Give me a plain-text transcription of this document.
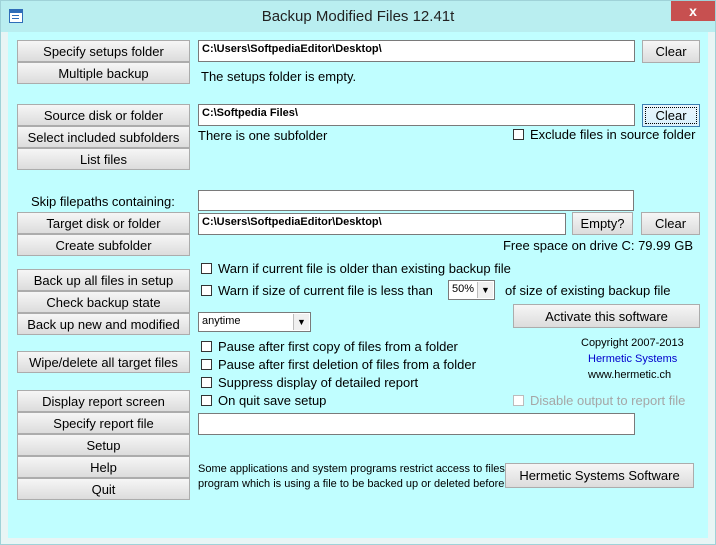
Backup Modified Files 12.41t	x
Specify setups folder
Multiple backup
C:\Users\SoftpediaEditor\Desktop\	Clear
The setups folder is empty.
Source disk or folder
Select included subfolders
List files
C:\Softpedia Files\	Clear
There is one subfolder	Exclude files in source folder
Skip filepaths containing:
Target disk or folder
Create subfolder
C:\Users\SoftpediaEditor\Desktop\	Empty?	Clear
Free space on drive C: 79.99 GB
Back up all files in setup
Check backup state
Back up new and modified
Warn if current file is older than existing backup file
Warn if size of current file is less than	50% ▼ of size of existing backup file
Activate this software
anytime	▼
Wipe/delete all target files
Pause after first copy of files from a folder
Pause after first deletion of files from a folder
Suppress display of detailed report
On quit save setup
Copyright 2007-2013
Hermetic Systems
www.hermetic.ch
Disable output to report file
Display report screen
Specify report file
Setup
Help
Quit
Some applications and system programs restrict access to files
program which is using a file to be backed up or deleted before
Hermetic Systems Software
